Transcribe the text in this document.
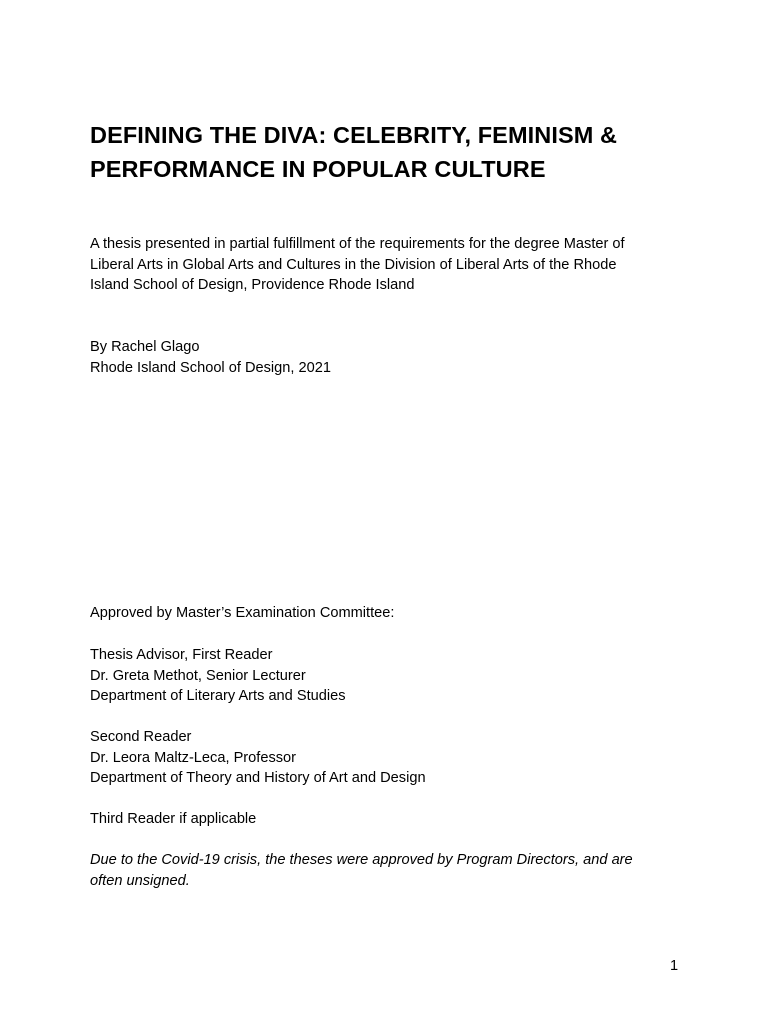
DEFINING THE DIVA: CELEBRITY, FEMINISM &
PERFORMANCE IN POPULAR CULTURE

A thesis presented in partial fulfillment of the requirements for the degree Master of
Liberal Arts in Global Arts and Cultures in the Division of Liberal Arts of the Rhode
Island School of Design, Providence Rhode Island

By Rachel Glago
Rhode Island School of Design, 2021

Approved by Master’s Examination Committee:

Thesis Advisor, First Reader
Dr. Greta Methot, Senior Lecturer
Department of Literary Arts and Studies

Second Reader
Dr. Leora Maltz-Leca, Professor
Department of Theory and History of Art and Design

Third Reader if applicable

Due to the Covid-19 crisis, the theses were approved by Program Directors, and are
often unsigned.

1
